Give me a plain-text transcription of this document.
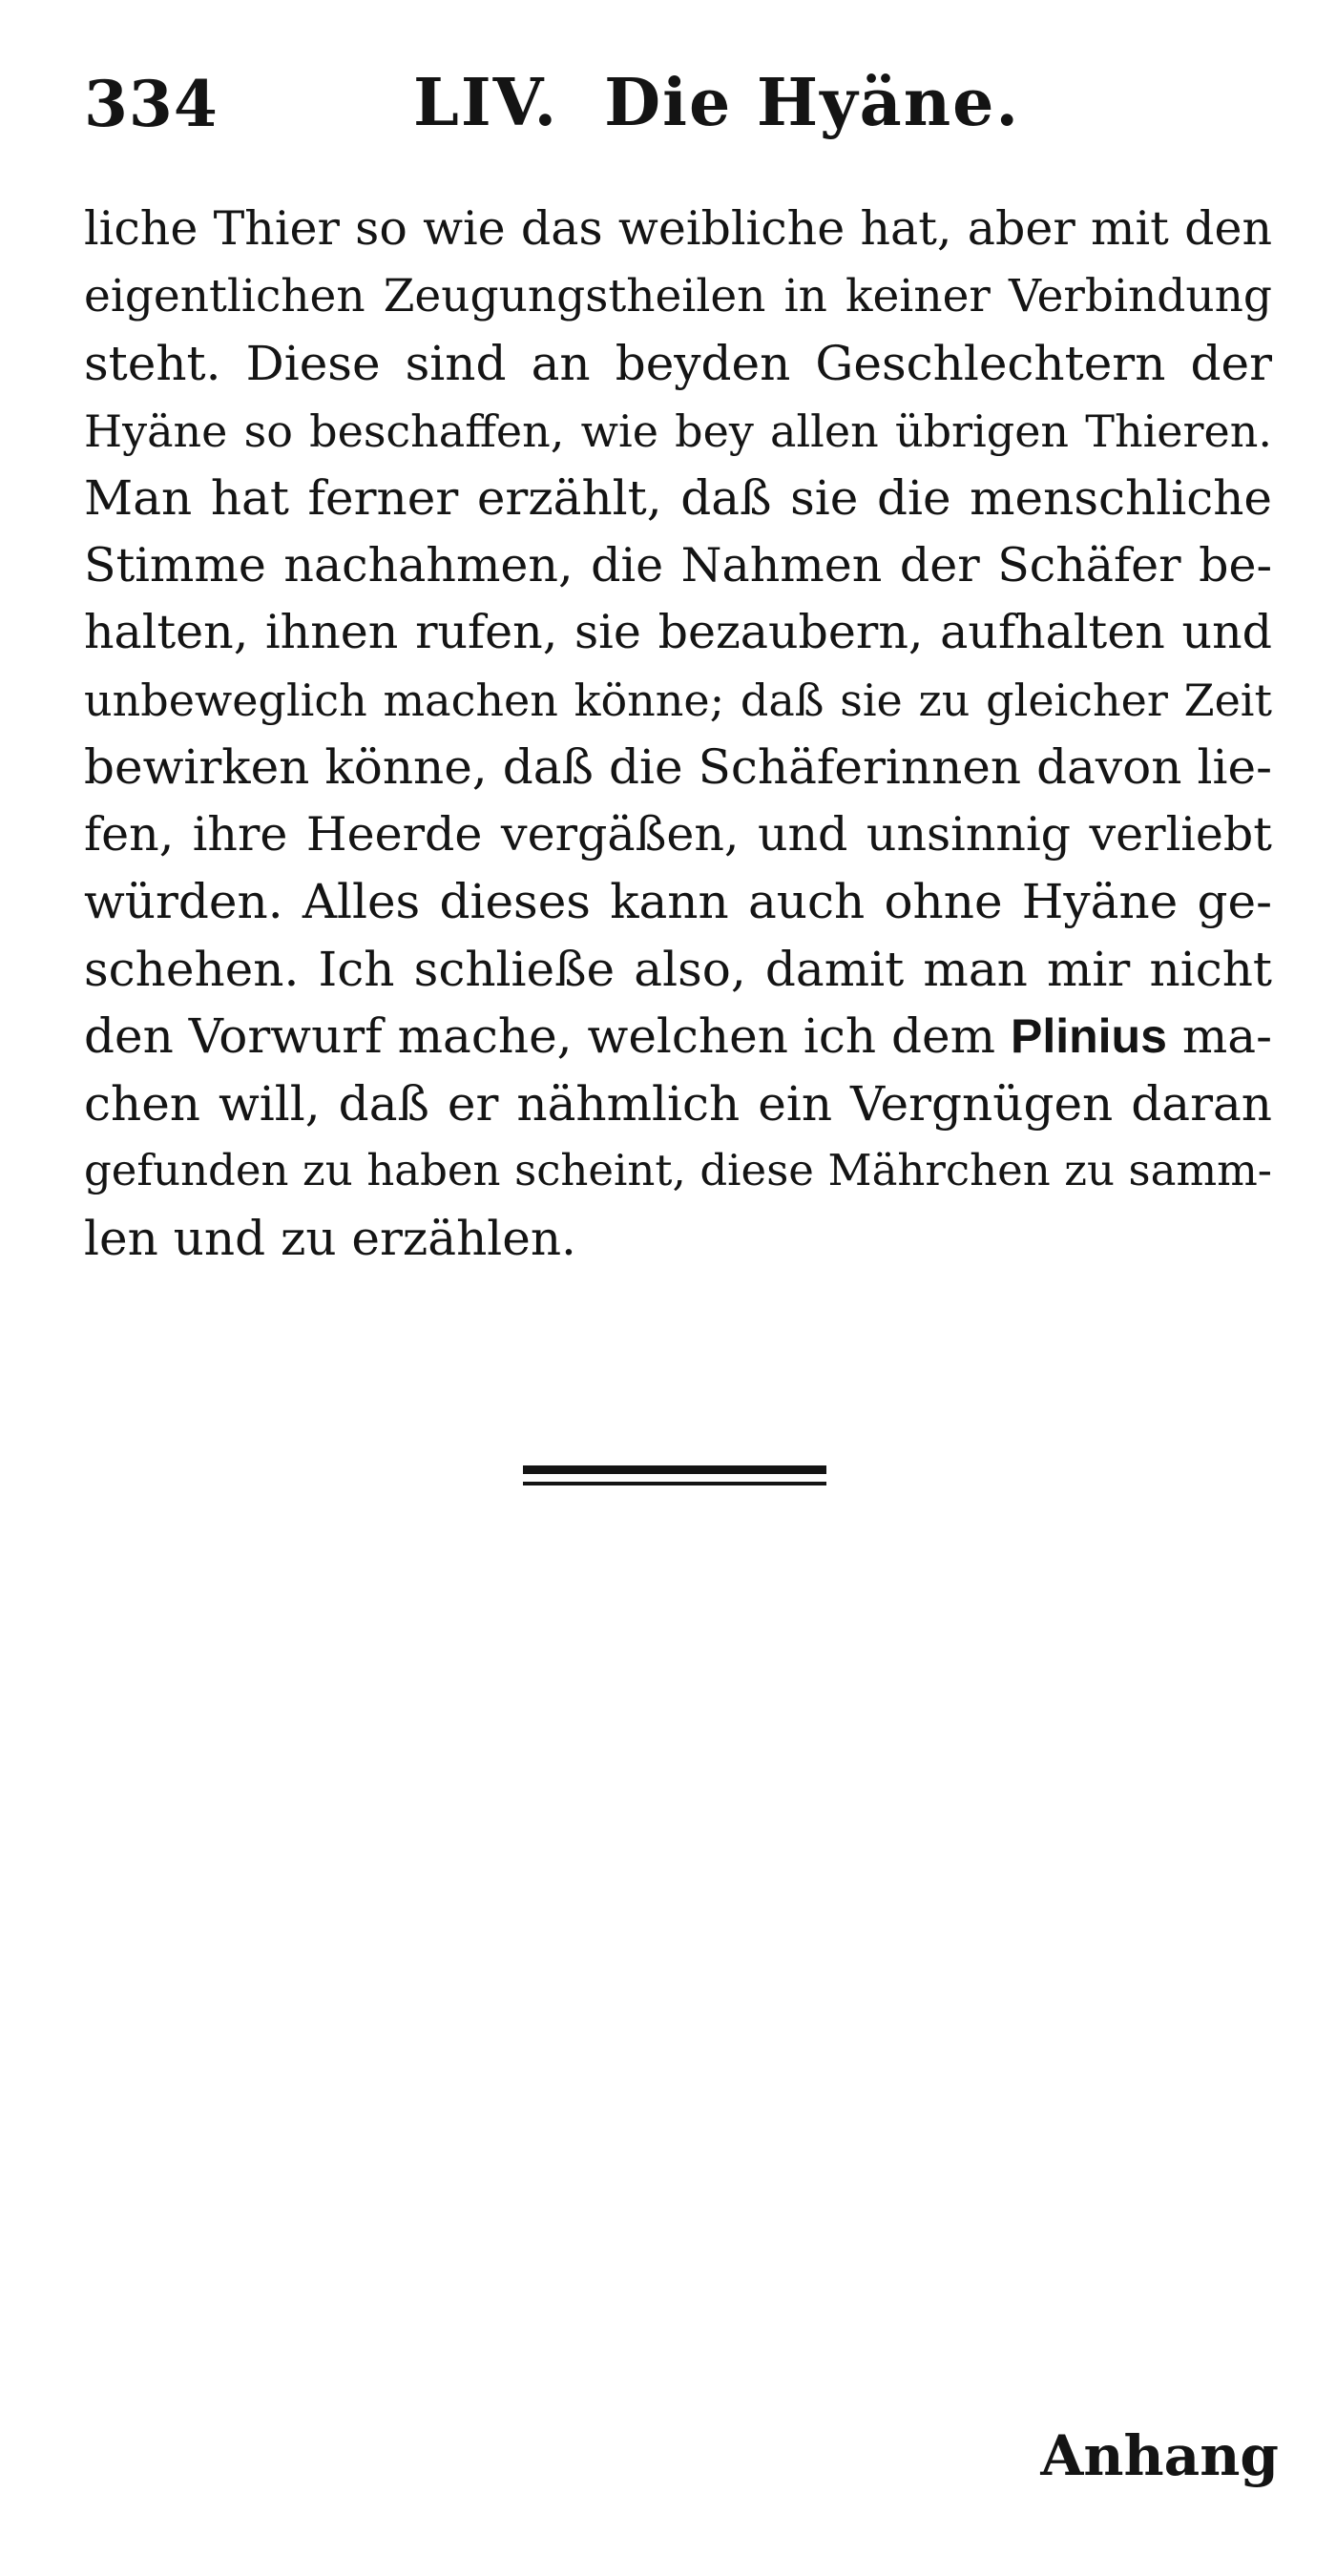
334	LIV. Die Hyäne.
liche Thier so wie das weibliche hat, aber mit den
eigentlichen Zeugungstheilen in keiner Verbindung
steht. Diese sind an beyden Geschlechtern der
Hyäne so beschaffen, wie bey allen übrigen Thieren.
Man hat ferner erzählt, daß sie die menschliche
Stimme nachahmen, die Nahmen der Schäfer be-
halten, ihnen rufen, sie bezaubern, aufhalten und
unbeweglich machen könne; daß sie zu gleicher Zeit
bewirken könne, daß die Schäferinnen davon lie-
fen, ihre Heerde vergäßen, und unsinnig verliebt
würden. Alles dieses kann auch ohne Hyäne ge-
schehen. Ich schließe also, damit man mir nicht
den Vorwurf mache, welchen ich dem Plinius ma-
chen will, daß er nähmlich ein Vergnügen daran
gefunden zu haben scheint, diese Mährchen zu samm-
len und zu erzählen.
Anhang
